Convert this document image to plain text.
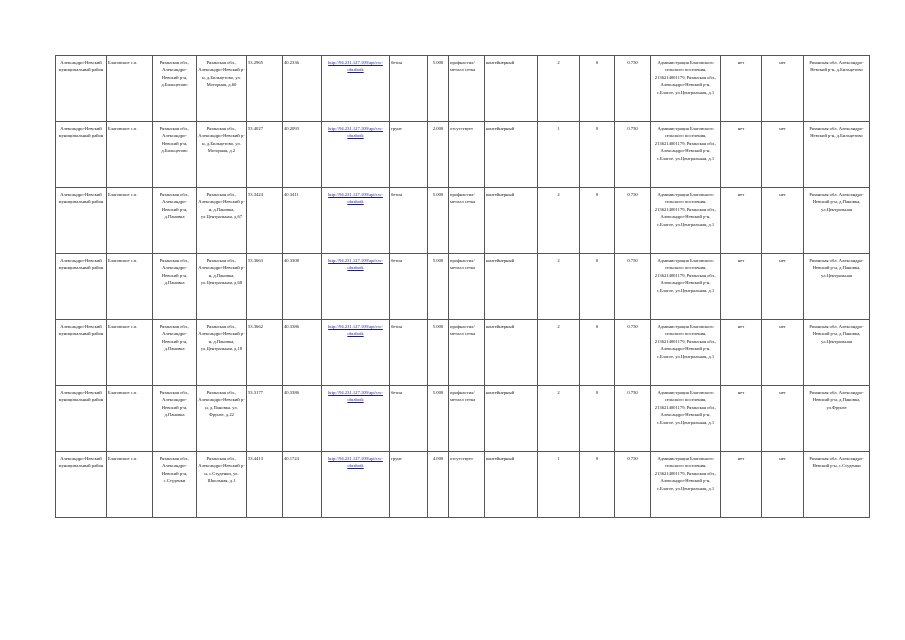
Александро-Невский муниципальный район	Благовское с.п.	Рязанская обл., Александро-Невский р-н, д.Бильцетово	Рязанская обл., Александро-Невский р-н, д.Бильцетово, ул. Моторная, д.60	53.2965	40.2336	http://94.231.127.109/api/cw-obrabotk	бетон	5.000	профнастил/ металл сетка	контейнерный	2	0	0.750	Администрация Благовского сельского поселения, 2136214001179, Рязанская обл., Александро-Невский р-н, с.Благое, ул.Центральная, д.1	нет	нет	Рязанская обл. Александро-Невский р-н, д.Бильцетово
Александро-Невский муниципальный район	Благовское с.п.	Рязанская обл., Александро-Невский р-н, д.Бильцетово	Рязанская обл., Александро-Невский р-н, д.Бильцетово, ул. Моторная, д.2	53.4027	40.2093	http://94.231.127.109/api/cw-obrabotk	грунт	2.000	отсутствует	контейнерный	1	0	0.750	Администрация Благовского сельского поселения, 2136214001179, Рязанская обл., Александро-Невский р-н, с.Благое, ул.Центральная, д.1	нет	нет	Рязанская обл. Александро-Невский р-н, д.Бильцетово
Александро-Невский муниципальный район	Благовское с.п.	Рязанская обл., Александро-Невский р-н, д.Пановка	Рязанская обл., Александро-Невский р-н, д.Пановка, ул.Центральная, д.67	53.3424	40.3411	http://94.231.127.109/api/cw-obrabotk	бетон	5.000	профнастил/ металл сетка	контейнерный	2	0	0.750	Администрация Благовского сельского поселения, 2136214001179, Рязанская обл., Александро-Невский р-н, с.Благое, ул.Центральная, д.1	нет	нет	Рязанская обл. Александро-Невский р-н, д.Пановка, ул.Центральная
Александро-Невский муниципальный район	Благовское с.п.	Рязанская обл., Александро-Невский р-н, д.Пановка	Рязанская обл., Александро-Невский р-н, д.Пановка, ул.Центральная, д.68	53.3663	40.3308	http://94.231.127.109/api/cw-obrabotk	бетон	5.000	профнастил/ металл сетка	контейнерный	2	0	0.750	Администрация Благовского сельского поселения, 2136214001179, Рязанская обл., Александро-Невский р-н, с.Благое, ул.Центральная, д.1	нет	нет	Рязанская обл. Александро-Невский р-н, д.Пановка, ул.Центральная
Александро-Невский муниципальный район	Благовское с.п.	Рязанская обл., Александро-Невский р-н, д.Пановка	Рязанская обл., Александро-Невский р-н, д.Пановка, ул.Центральная, д.18	53.3662	40.3386	http://94.231.127.109/api/cw-obrabotk	бетон	5.000	профнастил/ металл сетка	контейнерный	2	0	0.750	Администрация Благовского сельского поселения, 2136214001179, Рязанская обл., Александро-Невский р-н, с.Благое, ул.Центральная, д.1	нет	нет	Рязанская обл. Александро-Невский р-н, д.Пановка, ул.Центральная
Александро-Невский муниципальный район	Благовское с.п.	Рязанская обл., Александро-Невский р-н, д.Пановка	Рязанская обл., Александро-Невский р-н, д.Пановка, ул. Фрунзе, д.22	53.3177	40.3386	http://94.231.127.109/api/cw-obrabotk	бетон	5.000	профнастил/ металл сетка	контейнерный	2	0	0.750	Администрация Благовского сельского поселения, 2136214001179, Рязанская обл., Александро-Невский р-н, с.Благое, ул.Центральная, д.1	нет	нет	Рязанская обл. Александро-Невский р-н, д.Пановка, ул.Фрунзе
Александро-Невский муниципальный район	Благовское с.п.	Рязанская обл., Александро-Невский р-н, с.Студенки	Рязанская обл., Александро-Невский р-н, с.Студенки, ул. Школьная, д.1	53.4413	40.1724	http://94.231.127.109/api/cw-obrabotk	грунт	4.000	отсутствует	контейнерный	1	0	0.750	Администрация Благовского сельского поселения, 2136214001179, Рязанская обл., Александро-Невский р-н, с.Благое, ул.Центральная, д.1	нет	нет	Рязанская обл. Александро-Невский р-н, с.Студенки
